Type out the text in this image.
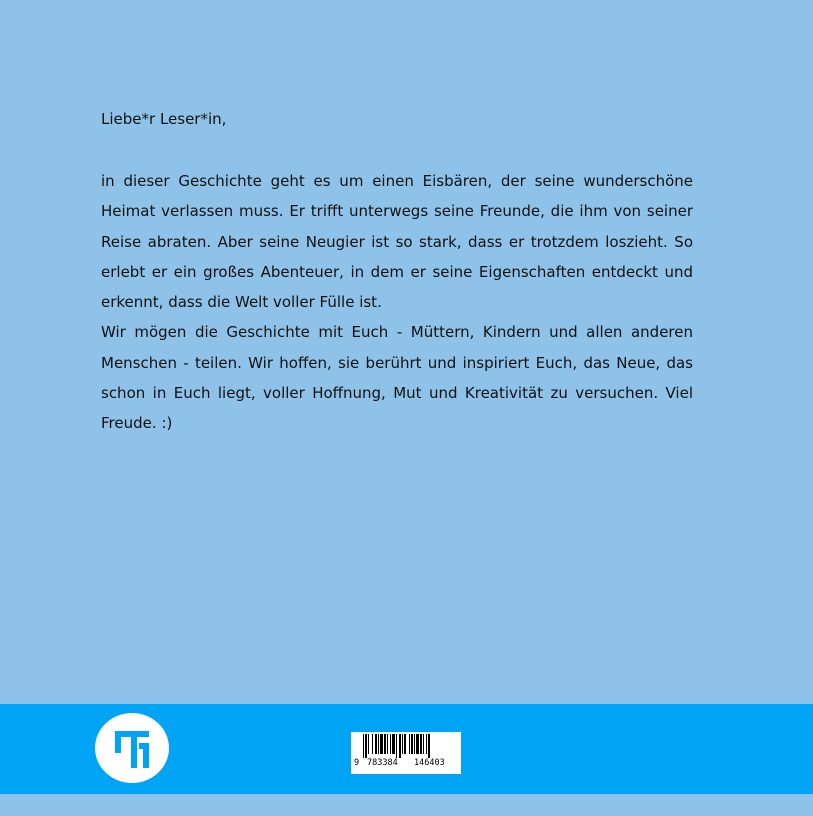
Liebe*r Leser*in,

in dieser Geschichte geht es um einen Eisbären, der seine wunderschöne Heimat verlassen muss. Er trifft unterwegs seine Freunde, die ihm von seiner Reise abraten. Aber seine Neugier ist so stark, dass er trotzdem loszieht. So erlebt er ein großes Abenteuer, in dem er seine Eigenschaften entdeckt und erkennt, dass die Welt voller Fülle ist.

Wir mögen die Geschichte mit Euch - Müttern, Kindern und allen anderen Menschen - teilen. Wir hoffen, sie berührt und inspiriert Euch, das Neue, das schon in Euch liegt, voller Hoffnung, Mut und Kreativität zu versuchen. Viel Freude. :)

9 783384 146403
